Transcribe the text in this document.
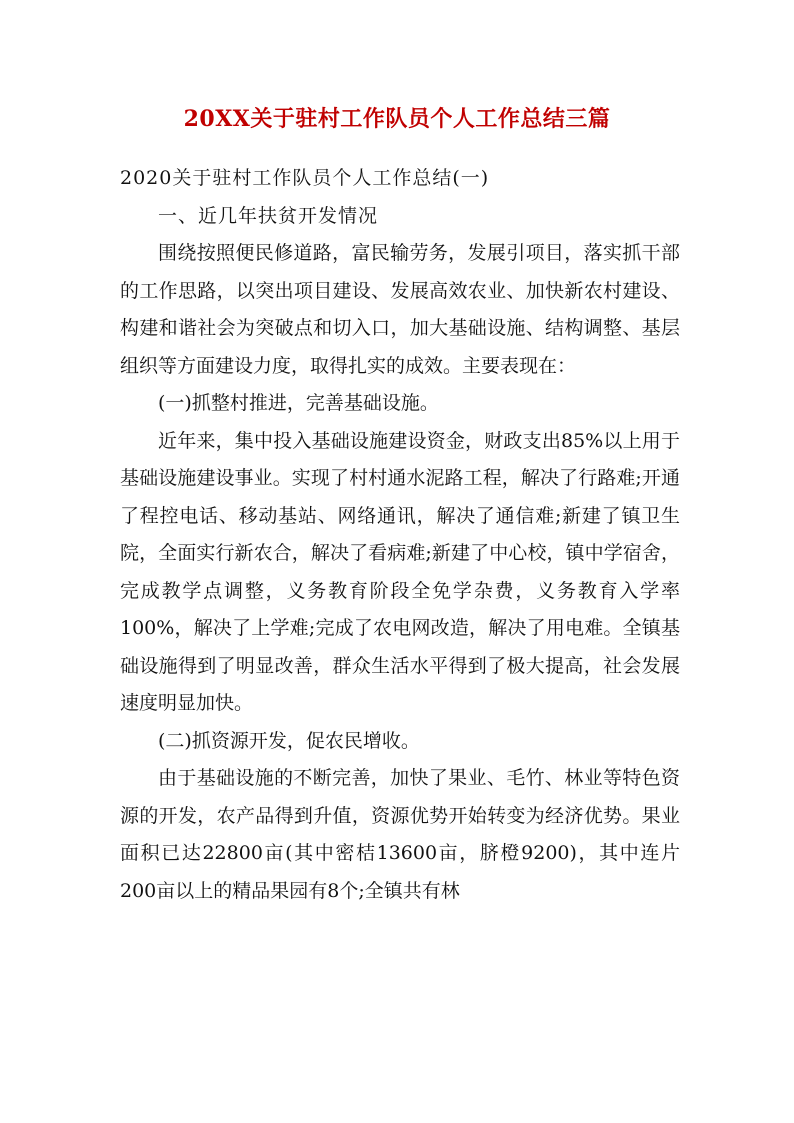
20XX关于驻村工作队员个人工作总结三篇

2020关于驻村工作队员个人工作总结(一)

一、近几年扶贫开发情况

围绕按照便民修道路，富民输劳务，发展引项目，落实抓干部的工作思路，以突出项目建设、发展高效农业、加快新农村建设、构建和谐社会为突破点和切入口，加大基础设施、结构调整、基层组织等方面建设力度，取得扎实的成效。主要表现在：

(一)抓整村推进，完善基础设施。

近年来，集中投入基础设施建设资金，财政支出85%以上用于基础设施建设事业。实现了村村通水泥路工程，解决了行路难;开通了程控电话、移动基站、网络通讯，解决了通信难;新建了镇卫生院，全面实行新农合，解决了看病难;新建了中心校，镇中学宿舍，完成教学点调整，义务教育阶段全免学杂费，义务教育入学率100%，解决了上学难;完成了农电网改造，解决了用电难。全镇基础设施得到了明显改善，群众生活水平得到了极大提高，社会发展速度明显加快。

(二)抓资源开发，促农民增收。

由于基础设施的不断完善，加快了果业、毛竹、林业等特色资源的开发，农产品得到升值，资源优势开始转变为经济优势。果业面积已达22800亩(其中密桔13600亩，脐橙9200)，其中连片200亩以上的精品果园有8个;全镇共有林
